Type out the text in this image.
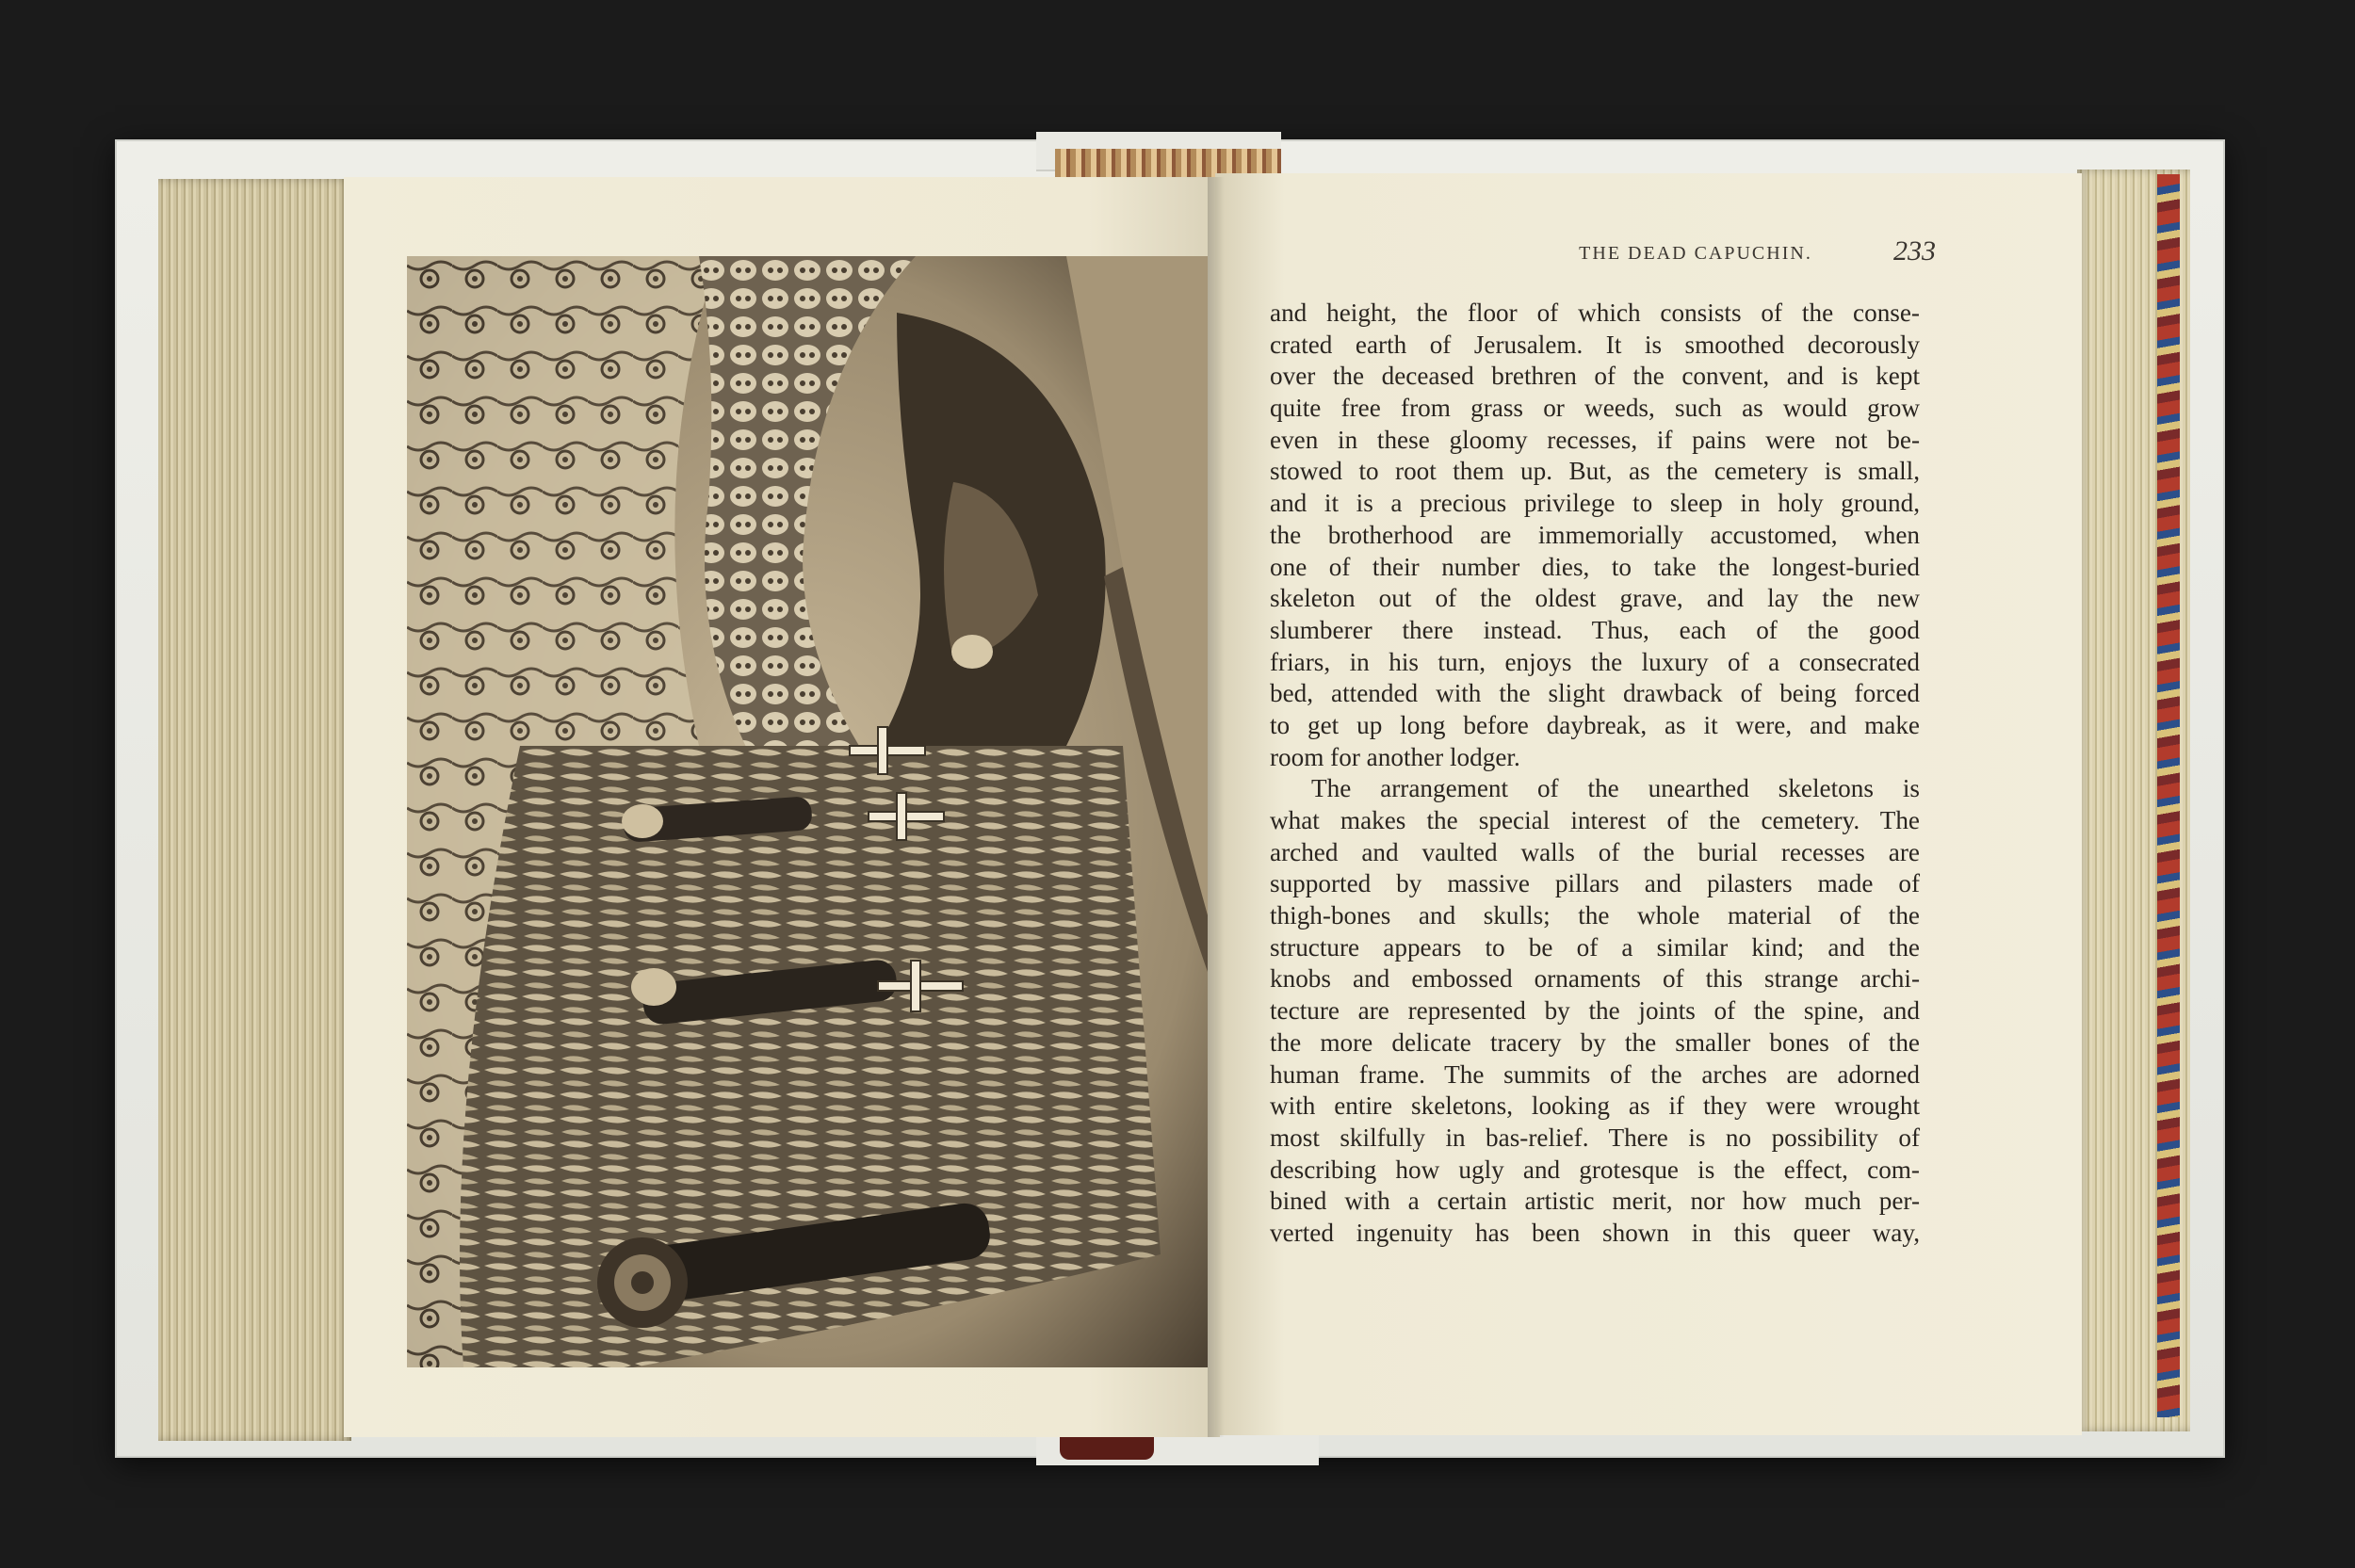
THE DEAD CAPUCHIN.	233
and height, the floor of which consists of the conse-
crated earth of Jerusalem. It is smoothed decorously
over the deceased brethren of the convent, and is kept
quite free from grass or weeds, such as would grow
even in these gloomy recesses, if pains were not be-
stowed to root them up. But, as the cemetery is small,
and it is a precious privilege to sleep in holy ground,
the brotherhood are immemorially accustomed, when
one of their number dies, to take the longest-buried
skeleton out of the oldest grave, and lay the new
slumberer there instead. Thus, each of the good
friars, in his turn, enjoys the luxury of a consecrated
bed, attended with the slight drawback of being forced
to get up long before daybreak, as it were, and make
room for another lodger.
The arrangement of the unearthed skeletons is
what makes the special interest of the cemetery. The
arched and vaulted walls of the burial recesses are
supported by massive pillars and pilasters made of
thigh-bones and skulls; the whole material of the
structure appears to be of a similar kind; and the
knobs and embossed ornaments of this strange archi-
tecture are represented by the joints of the spine, and
the more delicate tracery by the smaller bones of the
human frame. The summits of the arches are adorned
with entire skeletons, looking as if they were wrought
most skilfully in bas-relief. There is no possibility of
describing how ugly and grotesque is the effect, com-
bined with a certain artistic merit, nor how much per-
verted ingenuity has been shown in this queer way,
